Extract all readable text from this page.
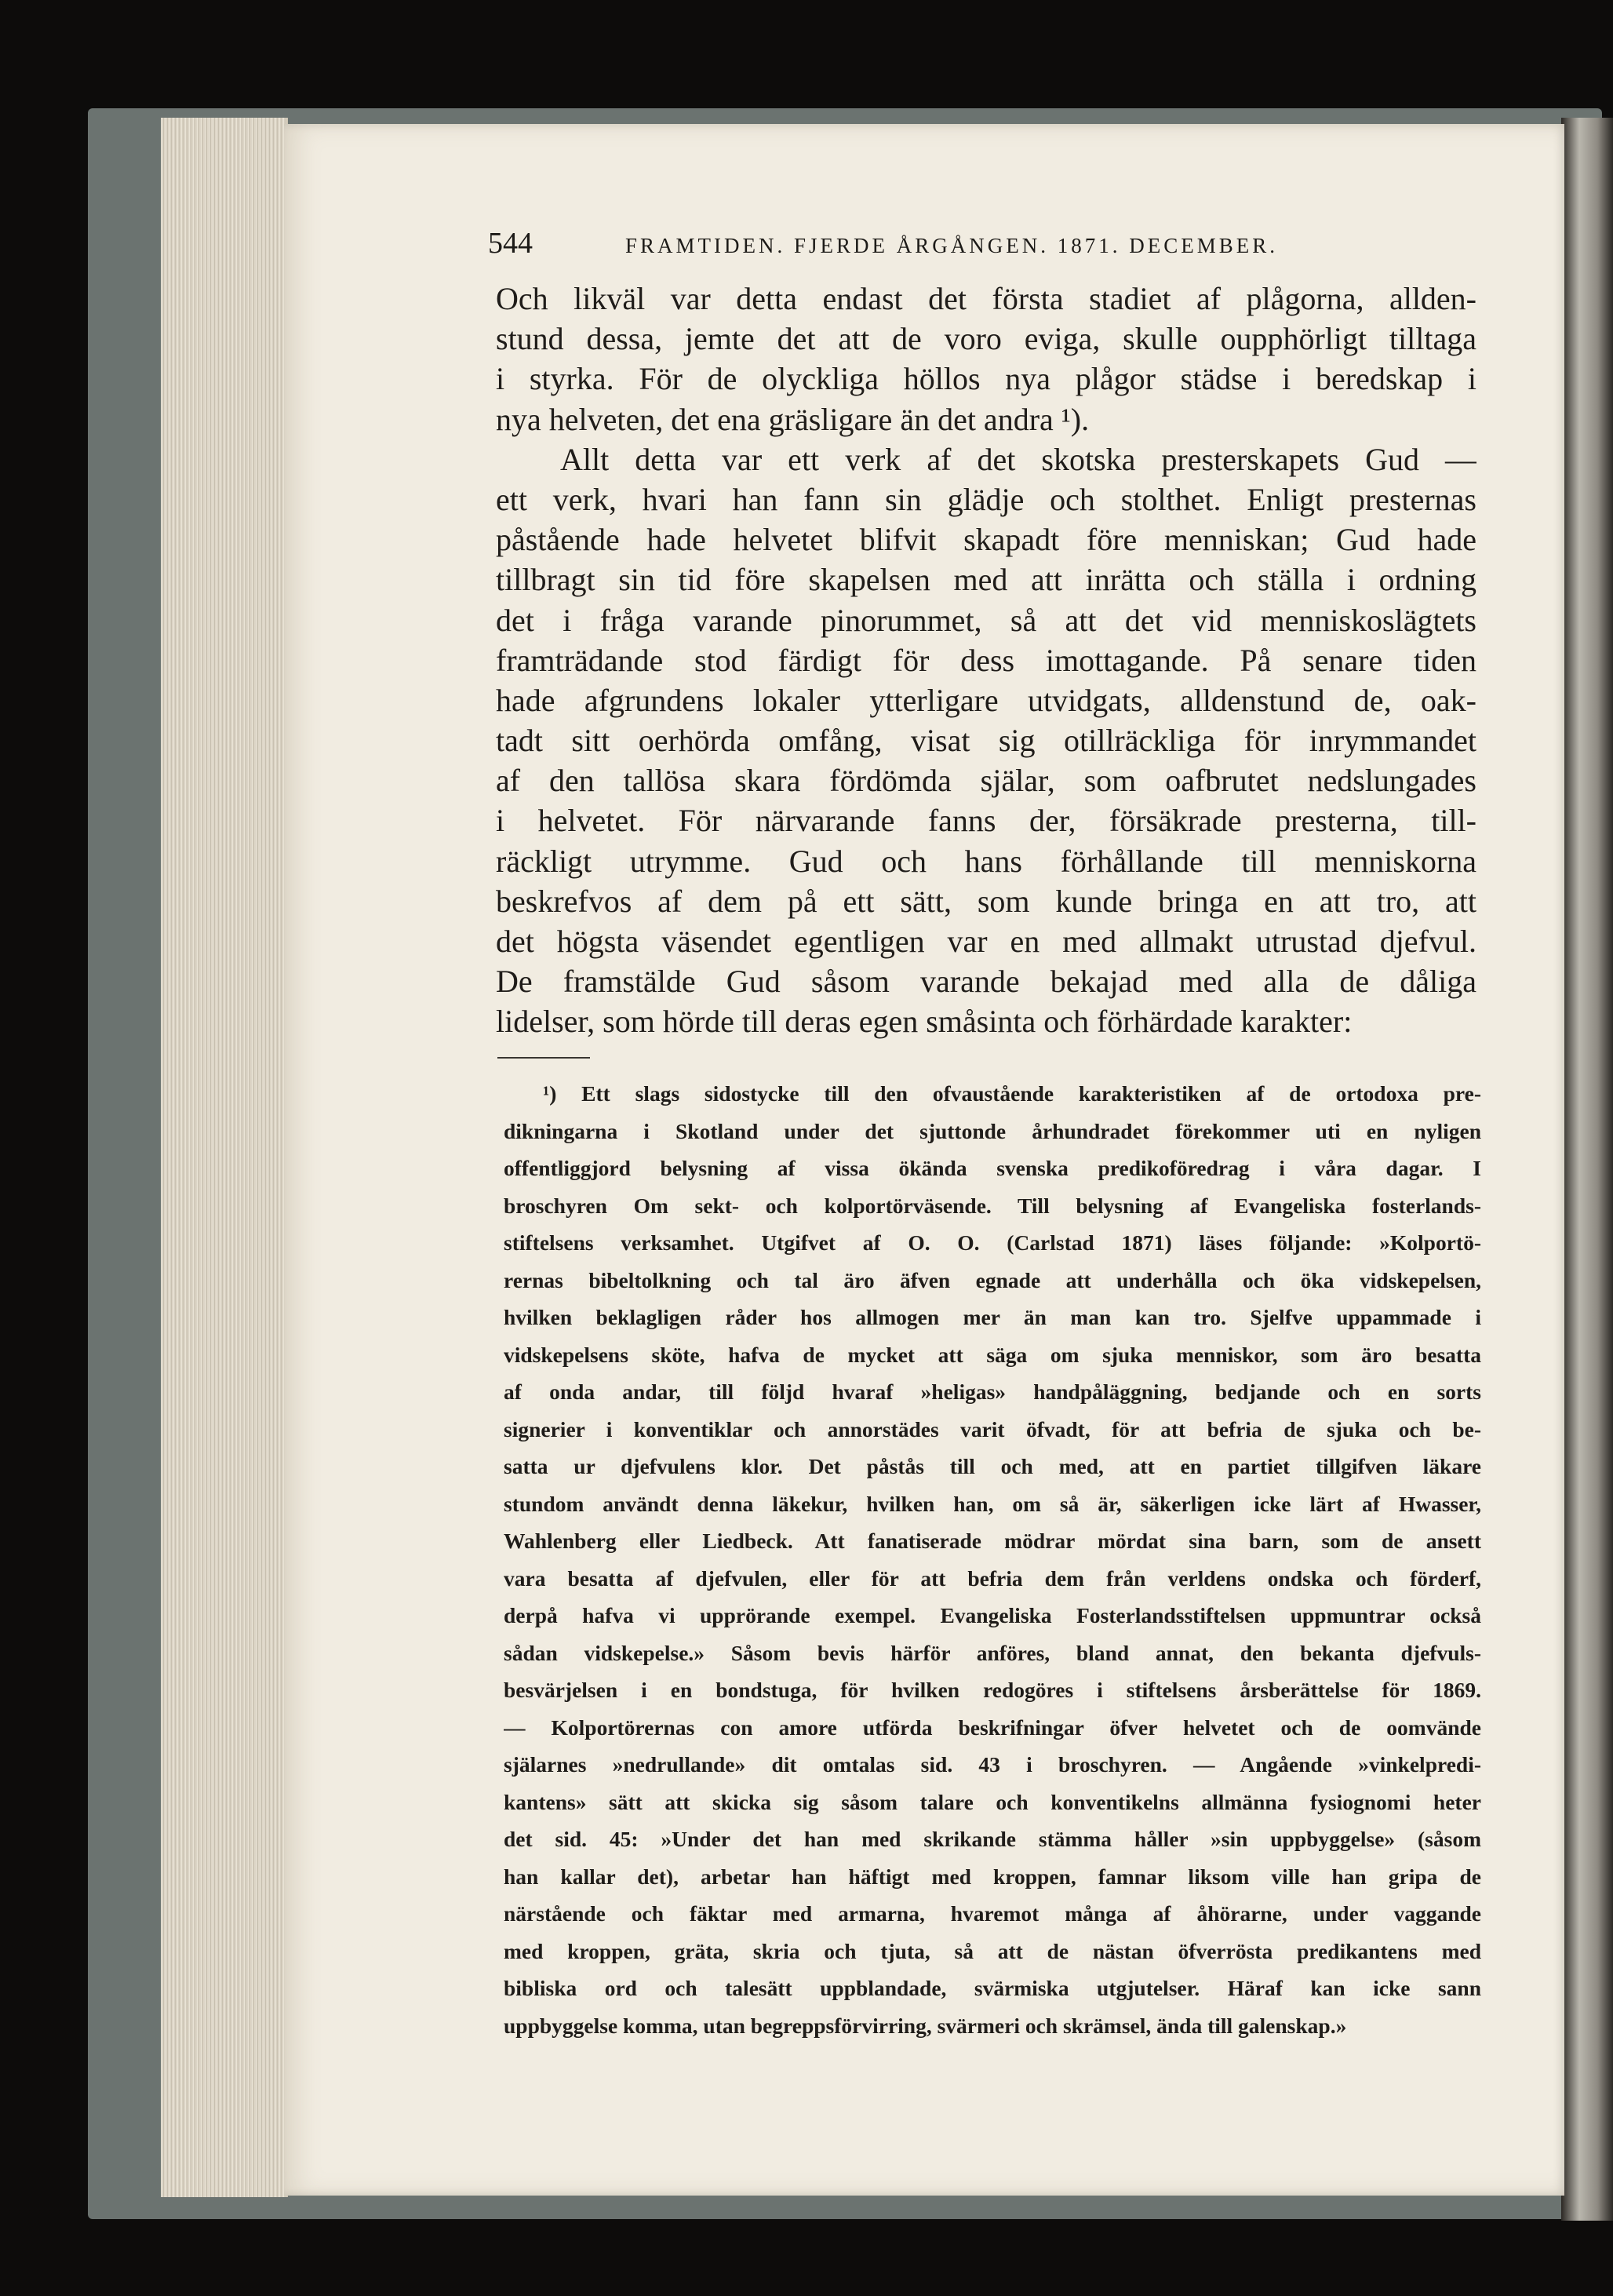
544	FRAMTIDEN. FJERDE ÅRGÅNGEN. 1871. DECEMBER.
Och likväl var detta endast det första stadiet af plågorna, allden-
stund dessa, jemte det att de voro eviga, skulle oupphörligt tilltaga
i styrka. För de olyckliga höllos nya plågor städse i beredskap i
nya helveten, det ena gräsligare än det andra ¹).
Allt detta var ett verk af det skotska presterskapets Gud —
ett verk, hvari han fann sin glädje och stolthet. Enligt presternas
påstående hade helvetet blifvit skapadt före menniskan; Gud hade
tillbragt sin tid före skapelsen med att inrätta och ställa i ordning
det i fråga varande pinorummet, så att det vid menniskoslägtets
framträdande stod färdigt för dess imottagande. På senare tiden
hade afgrundens lokaler ytterligare utvidgats, alldenstund de, oak-
tadt sitt oerhörda omfång, visat sig otillräckliga för inrymmandet
af den tallösa skara fördömda själar, som oafbrutet nedslungades
i helvetet. För närvarande fanns der, försäkrade presterna, till-
räckligt utrymme. Gud och hans förhållande till menniskorna
beskrefvos af dem på ett sätt, som kunde bringa en att tro, att
det högsta väsendet egentligen var en med allmakt utrustad djefvul.
De framstälde Gud såsom varande bekajad med alla de dåliga
lidelser, som hörde till deras egen småsinta och förhärdade karakter:
¹) Ett slags sidostycke till den ofvaustående karakteristiken af de ortodoxa pre-
dikningarna i Skotland under det sjuttonde århundradet förekommer uti en nyligen
offentliggjord belysning af vissa ökända svenska predikoföredrag i våra dagar. I
broschyren Om sekt- och kolportörväsende. Till belysning af Evangeliska fosterlands-
stiftelsens verksamhet. Utgifvet af O. O. (Carlstad 1871) läses följande: »Kolportö-
rernas bibeltolkning och tal äro äfven egnade att underhålla och öka vidskepelsen,
hvilken beklagligen råder hos allmogen mer än man kan tro. Sjelfve uppammade i
vidskepelsens sköte, hafva de mycket att säga om sjuka menniskor, som äro besatta
af onda andar, till följd hvaraf »heligas» handpåläggning, bedjande och en sorts
signerier i konventiklar och annorstädes varit öfvadt, för att befria de sjuka och be-
satta ur djefvulens klor. Det påstås till och med, att en partiet tillgifven läkare
stundom användt denna läkekur, hvilken han, om så är, säkerligen icke lärt af Hwasser,
Wahlenberg eller Liedbeck. Att fanatiserade mödrar mördat sina barn, som de ansett
vara besatta af djefvulen, eller för att befria dem från verldens ondska och förderf,
derpå hafva vi upprörande exempel. Evangeliska Fosterlandsstiftelsen uppmuntrar också
sådan vidskepelse.» Såsom bevis härför anföres, bland annat, den bekanta djefvuls-
besvärjelsen i en bondstuga, för hvilken redogöres i stiftelsens årsberättelse för 1869.
— Kolportörernas con amore utförda beskrifningar öfver helvetet och de oomvände
själarnes »nedrullande» dit omtalas sid. 43 i broschyren. — Angående »vinkelpredi-
kantens» sätt att skicka sig såsom talare och konventikelns allmänna fysiognomi heter
det sid. 45: »Under det han med skrikande stämma håller »sin uppbyggelse» (såsom
han kallar det), arbetar han häftigt med kroppen, famnar liksom ville han gripa de
närstående och fäktar med armarna, hvaremot många af åhörarne, under vaggande
med kroppen, gräta, skria och tjuta, så att de nästan öfverrösta predikantens med
bibliska ord och talesätt uppblandade, svärmiska utgjutelser. Häraf kan icke sann
uppbyggelse komma, utan begreppsförvirring, svärmeri och skrämsel, ända till galenskap.»
